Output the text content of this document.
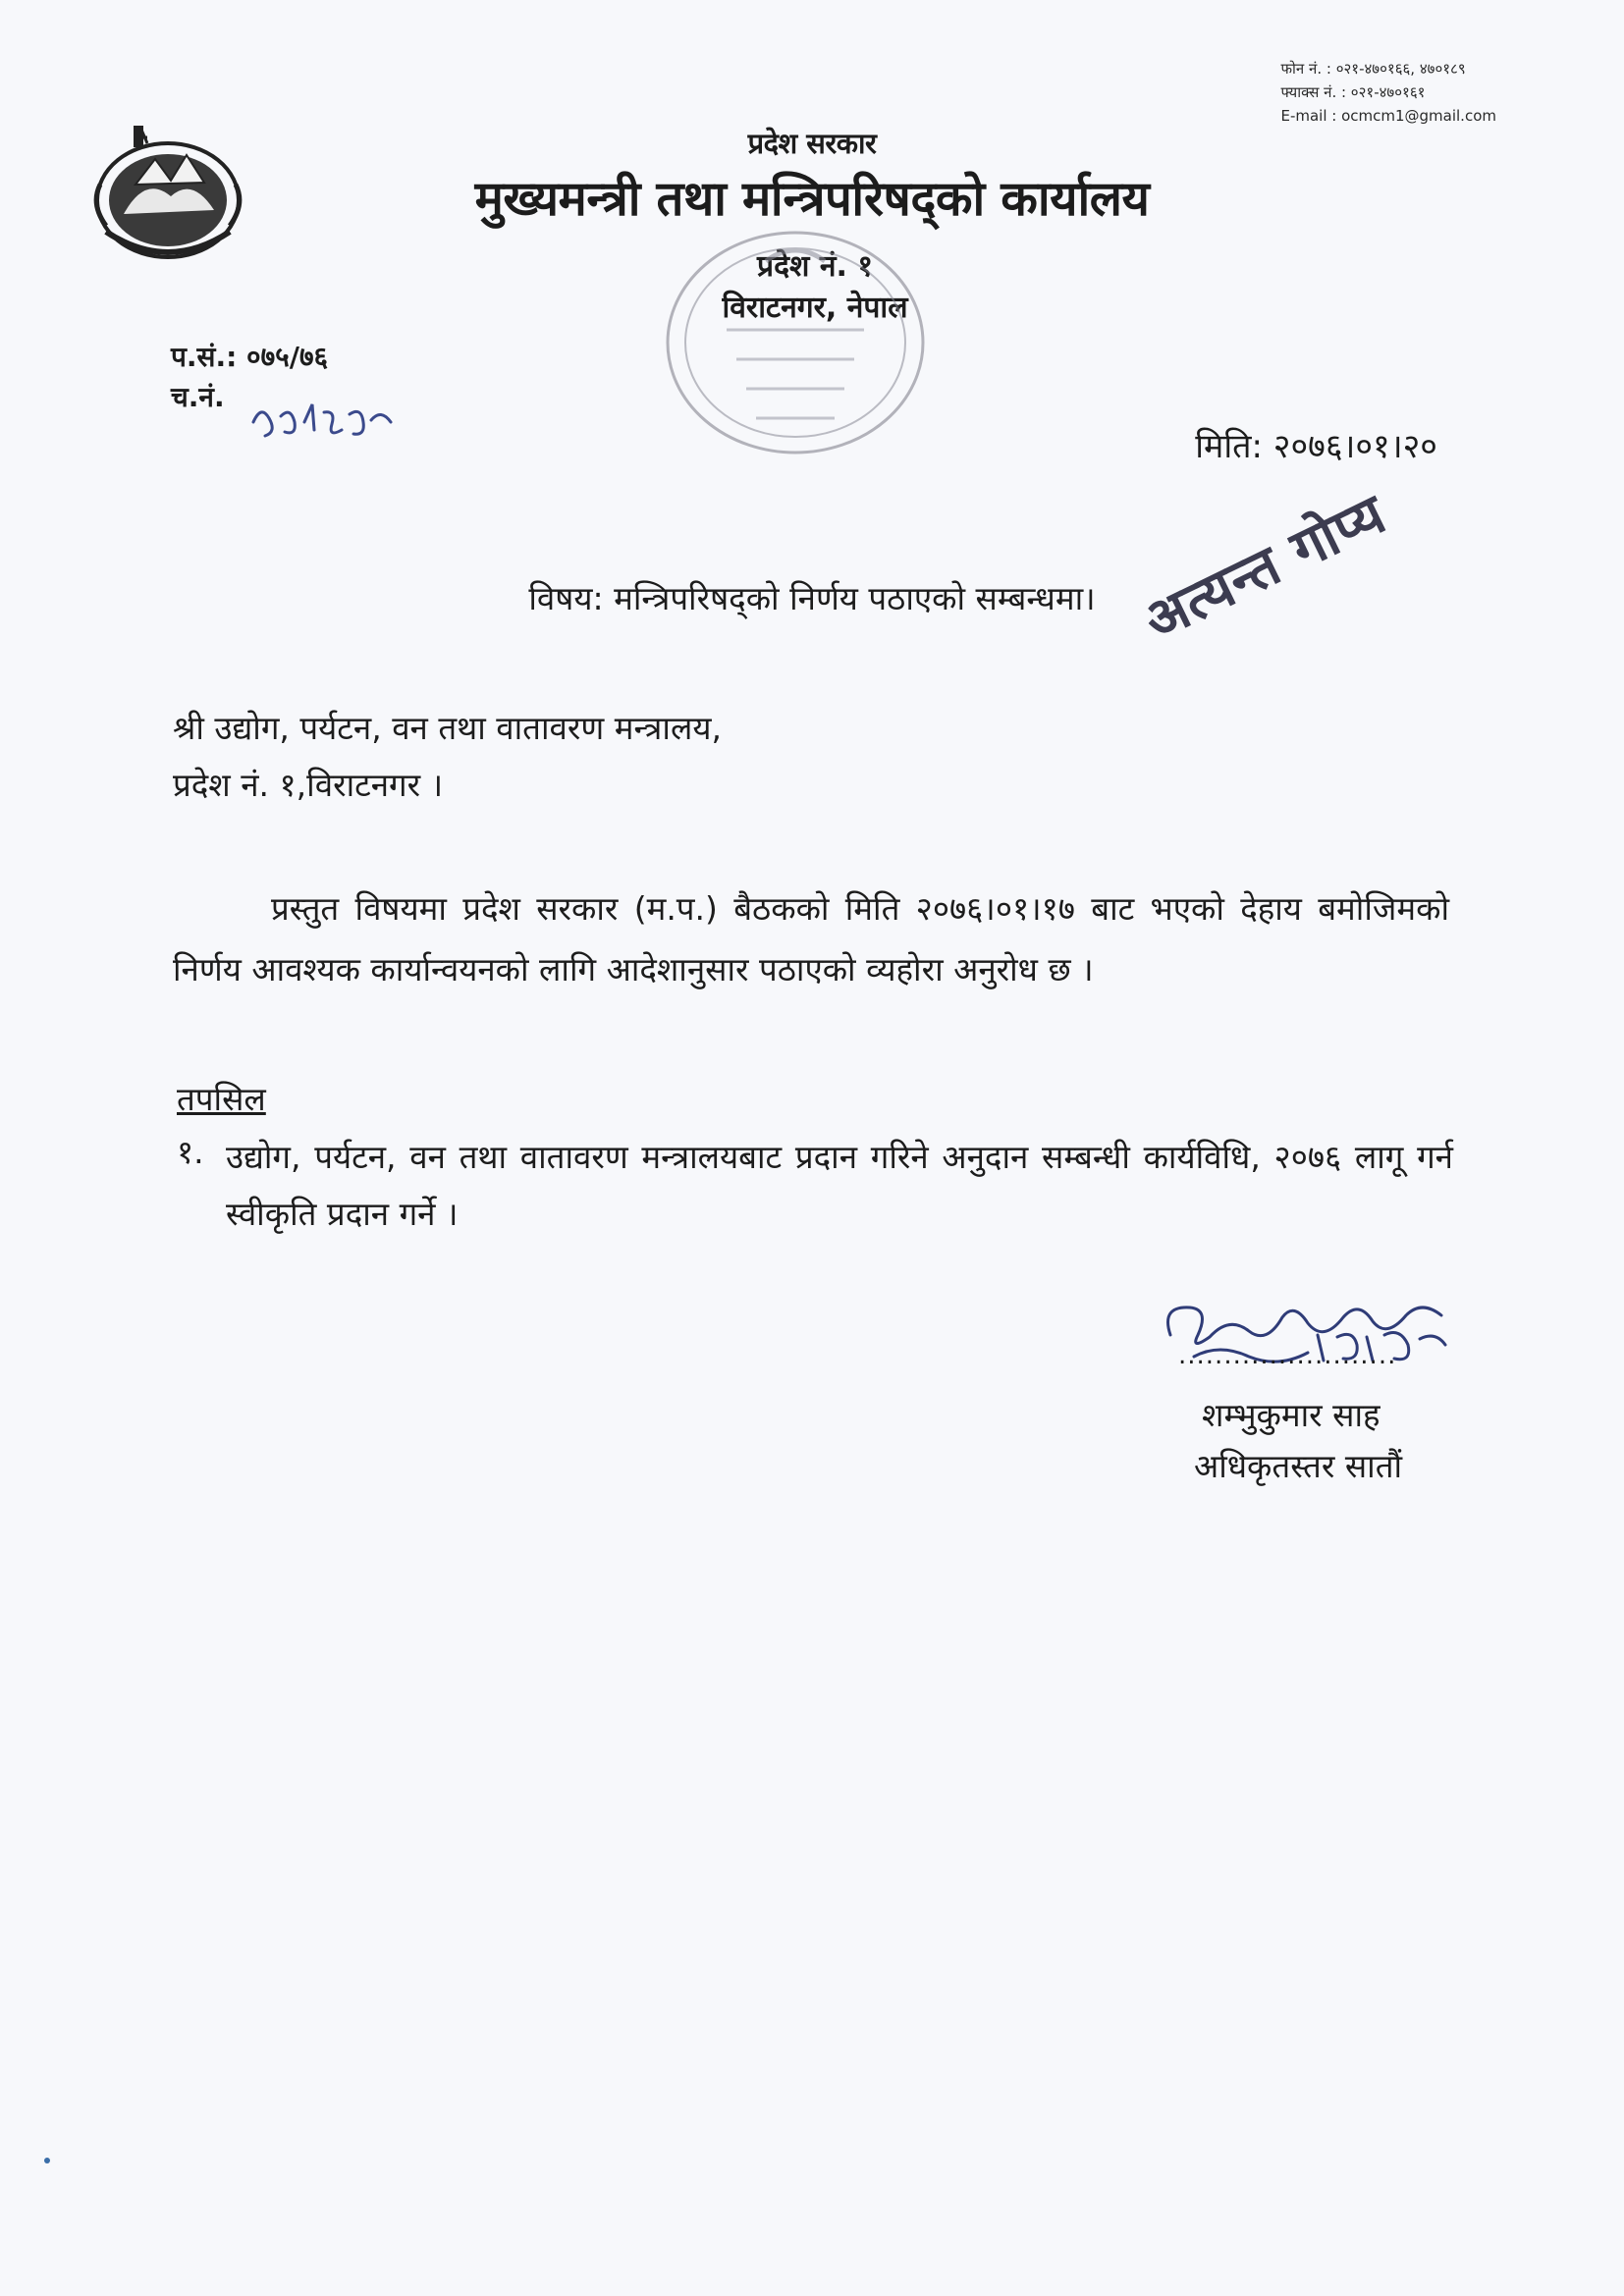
फोन नं. : ०२१-४७०१६६, ४७०१८९
फ्याक्स नं. : ०२१-४७०१६१
E-mail : ocmcm1@gmail.com
प्रदेश सरकार
मुख्यमन्त्री तथा मन्त्रिपरिषद्को कार्यालय
प्रदेश नं. १
विराटनगर, नेपाल
प.सं.: ०७५/७६
च.नं.
मिति: २०७६।०१।२०
विषय: मन्त्रिपरिषद्को निर्णय पठाएको सम्बन्धमा। अत्यन्त गोप्य
श्री उद्योग, पर्यटन, वन तथा वातावरण मन्त्रालय,
प्रदेश नं. १,विराटनगर ।
प्रस्तुत विषयमा प्रदेश सरकार (म.प.) बैठकको मिति २०७६।०१।१७ बाट भएको देहाय बमोजिमको निर्णय आवश्यक कार्यान्वयनको लागि आदेशानुसार पठाएको व्यहोरा अनुरोध छ ।
तपसिल
१. उद्योग, पर्यटन, वन तथा वातावरण मन्त्रालयबाट प्रदान गरिने अनुदान सम्बन्धी कार्यविधि, २०७६ लागू गर्न स्वीकृति प्रदान गर्ने ।
........................
शम्भुकुमार साह
अधिकृतस्तर सातौं
